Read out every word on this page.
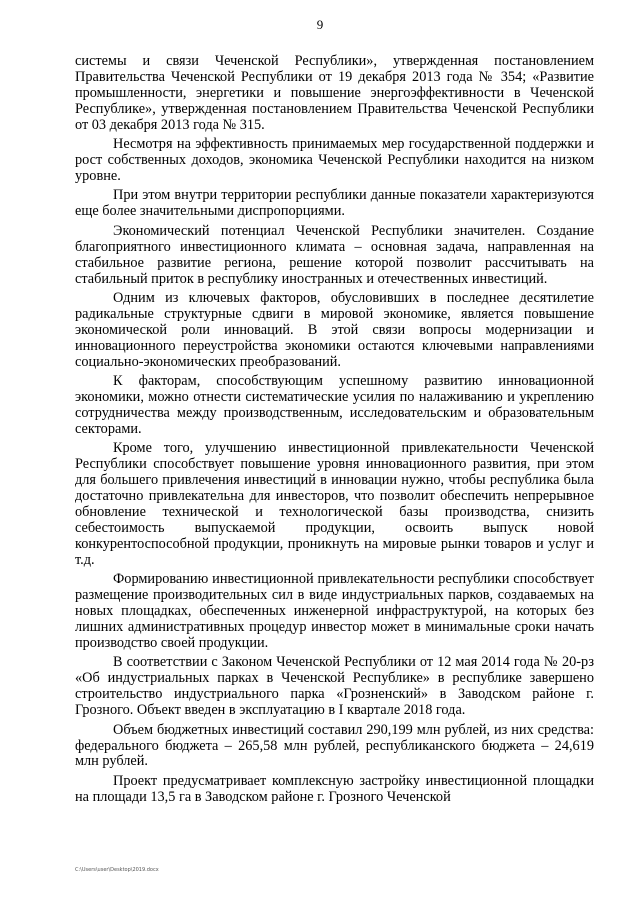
9

системы и связи Чеченской Республики», утвержденная постановлением Правительства Чеченской Республики от 19 декабря 2013 года № 354; «Развитие промышленности, энергетики и повышение энергоэффективности в Чеченской Республике», утвержденная постановлением Правительства Чеченской Республики от 03 декабря 2013 года № 315.

Несмотря на эффективность принимаемых мер государственной поддержки и рост собственных доходов, экономика Чеченской Республики находится на низком уровне.

При этом внутри территории республики данные показатели характеризуются еще более значительными диспропорциями.

Экономический потенциал Чеченской Республики значителен. Создание благоприятного инвестиционного климата – основная задача, направленная на стабильное развитие региона, решение которой позволит рассчитывать на стабильный приток в республику иностранных и отечественных инвестиций.

Одним из ключевых факторов, обусловивших в последнее десятилетие радикальные структурные сдвиги в мировой экономике, является повышение экономической роли инноваций. В этой связи вопросы модернизации и инновационного переустройства экономики остаются ключевыми направлениями социально-экономических преобразований.

К факторам, способствующим успешному развитию инновационной экономики, можно отнести систематические усилия по налаживанию и укреплению сотрудничества между производственным, исследовательским и образовательным секторами.

Кроме того, улучшению инвестиционной привлекательности Чеченской Республики способствует повышение уровня инновационного развития, при этом для большего привлечения инвестиций в инновации нужно, чтобы республика была достаточно привлекательна для инвесторов, что позволит обеспечить непрерывное обновление технической и технологической базы производства, снизить себестоимость выпускаемой продукции, освоить выпуск новой конкурентоспособной продукции, проникнуть на мировые рынки товаров и услуг и т.д.

Формированию инвестиционной привлекательности республики способствует размещение производительных сил в виде индустриальных парков, создаваемых на новых площадках, обеспеченных инженерной инфраструктурой, на которых без лишних административных процедур инвестор может в минимальные сроки начать производство своей продукции.

В соответствии с Законом Чеченской Республики от 12 мая 2014 года № 20-рз «Об индустриальных парках в Чеченской Республике» в республике завершено строительство индустриального парка «Грозненский» в Заводском районе г. Грозного. Объект введен в эксплуатацию в I квартале 2018 года.

Объем бюджетных инвестиций составил 290,199 млн рублей, из них средства: федерального бюджета – 265,58 млн рублей, республиканского бюджета – 24,619 млн рублей.

Проект предусматривает комплексную застройку инвестиционной площадки на площади 13,5 га в Заводском районе г. Грозного Чеченской

C:\Users\user\Desktop\2019.docx
